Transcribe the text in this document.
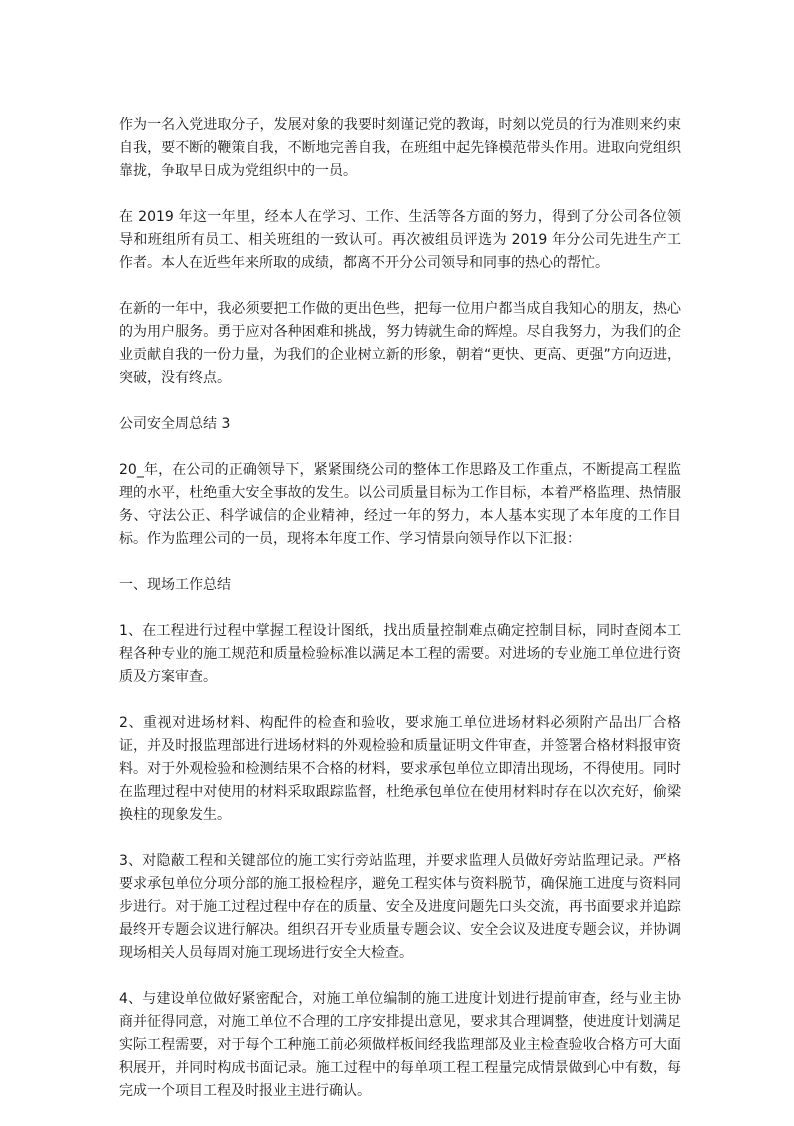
作为一名入党进取分子，发展对象的我要时刻谨记党的教诲，时刻以党员的行为准则来约束自我，要不断的鞭策自我，不断地完善自我，在班组中起先锋模范带头作用。进取向党组织靠拢，争取早日成为党组织中的一员。

在 2019 年这一年里，经本人在学习、工作、生活等各方面的努力，得到了分公司各位领导和班组所有员工、相关班组的一致认可。再次被组员评选为 2019 年分公司先进生产工作者。本人在近些年来所取的成绩，都离不开分公司领导和同事的热心的帮忙。

在新的一年中，我必须要把工作做的更出色些，把每一位用户都当成自我知心的朋友，热心的为用户服务。勇于应对各种困难和挑战，努力铸就生命的辉煌。尽自我努力，为我们的企业贡献自我的一份力量，为我们的企业树立新的形象，朝着“更快、更高、更强”方向迈进，突破，没有终点。

公司安全周总结 3

20_年，在公司的正确领导下，紧紧围绕公司的整体工作思路及工作重点，不断提高工程监理的水平，杜绝重大安全事故的发生。以公司质量目标为工作目标，本着严格监理、热情服务、守法公正、科学诚信的企业精神，经过一年的努力，本人基本实现了本年度的工作目标。作为监理公司的一员，现将本年度工作、学习情景向领导作以下汇报：

一、现场工作总结

1、在工程进行过程中掌握工程设计图纸，找出质量控制难点确定控制目标，同时查阅本工程各种专业的施工规范和质量检验标准以满足本工程的需要。对进场的专业施工单位进行资质及方案审查。

2、重视对进场材料、构配件的检查和验收，要求施工单位进场材料必须附产品出厂合格证，并及时报监理部进行进场材料的外观检验和质量证明文件审查，并签署合格材料报审资料。对于外观检验和检测结果不合格的材料，要求承包单位立即清出现场，不得使用。同时在监理过程中对使用的材料采取跟踪监督，杜绝承包单位在使用材料时存在以次充好，偷梁换柱的现象发生。

3、对隐蔽工程和关键部位的施工实行旁站监理，并要求监理人员做好旁站监理记录。严格要求承包单位分项分部的施工报检程序，避免工程实体与资料脱节，确保施工进度与资料同步进行。对于施工过程过程中存在的质量、安全及进度问题先口头交流，再书面要求并追踪最终开专题会议进行解决。组织召开专业质量专题会议、安全会议及进度专题会议，并协调现场相关人员每周对施工现场进行安全大检查。

4、与建设单位做好紧密配合，对施工单位编制的施工进度计划进行提前审查，经与业主协商并征得同意，对施工单位不合理的工序安排提出意见，要求其合理调整，使进度计划满足实际工程需要，对于每个工种施工前必须做样板间经我监理部及业主检查验收合格方可大面积展开，并同时构成书面记录。施工过程中的每单项工程工程量完成情景做到心中有数，每完成一个项目工程及时报业主进行确认。
